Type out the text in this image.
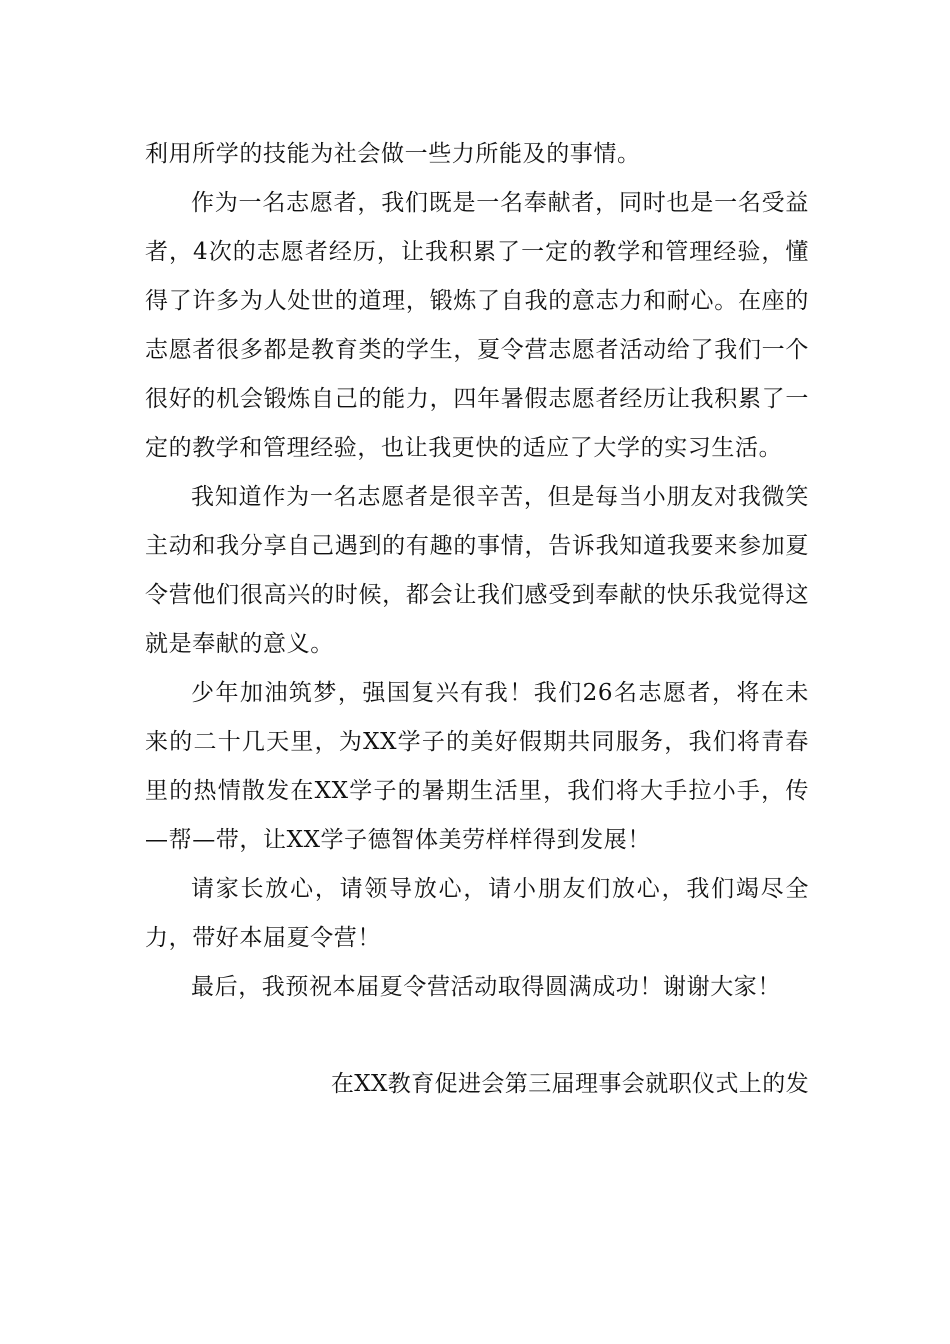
利用所学的技能为社会做一些力所能及的事情。

作为一名志愿者，我们既是一名奉献者，同时也是一名受益者，4次的志愿者经历，让我积累了一定的教学和管理经验，懂得了许多为人处世的道理，锻炼了自我的意志力和耐心。在座的志愿者很多都是教育类的学生，夏令营志愿者活动给了我们一个很好的机会锻炼自己的能力，四年暑假志愿者经历让我积累了一定的教学和管理经验，也让我更快的适应了大学的实习生活。

我知道作为一名志愿者是很辛苦，但是每当小朋友对我微笑主动和我分享自己遇到的有趣的事情，告诉我知道我要来参加夏令营他们很高兴的时候，都会让我们感受到奉献的快乐我觉得这就是奉献的意义。

少年加油筑梦，强国复兴有我！我们26名志愿者，将在未来的二十几天里，为XX学子的美好假期共同服务，我们将青春里的热情散发在XX学子的暑期生活里，我们将大手拉小手，传—帮—带，让XX学子德智体美劳样样得到发展！

请家长放心，请领导放心，请小朋友们放心，我们竭尽全力，带好本届夏令营！

最后，我预祝本届夏令营活动取得圆满成功！谢谢大家！

在XX教育促进会第三届理事会就职仪式上的发
